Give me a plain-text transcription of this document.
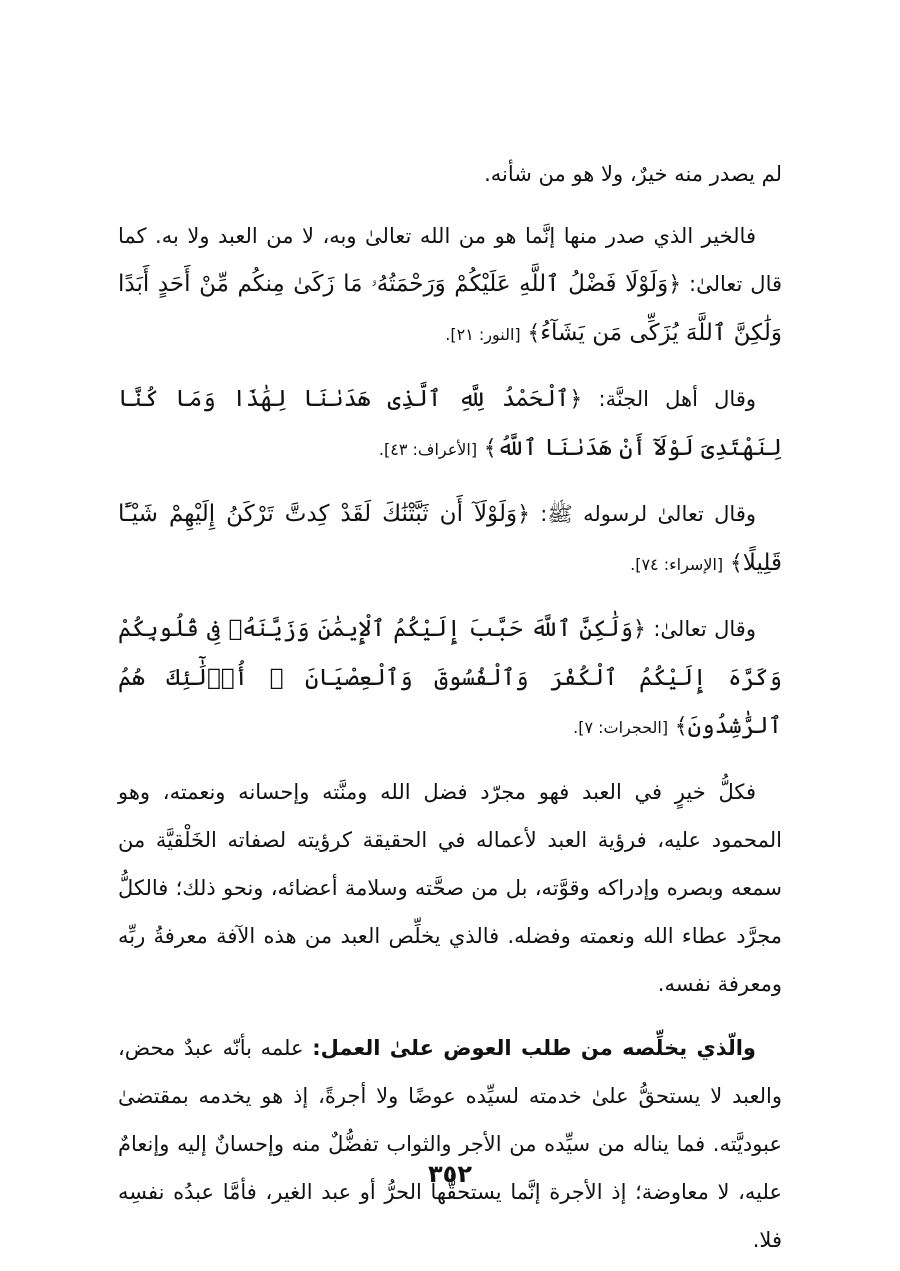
لم يصدر منه خيرٌ، ولا هو من شأنه.

فالخير الذي صدر منها إنَّما هو من الله تعالىٰ وبه، لا من العبد ولا به. كما قال تعالىٰ: ﴿وَلَوْلَا فَضْلُ ٱللَّهِ عَلَيْكُمْ وَرَحْمَتُهُۥ مَا زَكَىٰ مِنكُم مِّنْ أَحَدٍ أَبَدًا وَلَٰكِنَّ ٱللَّهَ يُزَكِّى مَن يَشَآءُ﴾ [النور: ٢١].

وقال أهل الجنَّة: ﴿ٱلْحَمْدُ لِلَّهِ ٱلَّذِى هَدَىٰنَا لِهَٰذَا وَمَا كُنَّا لِنَهْتَدِىَ لَوْلَآ أَنْ هَدَىٰنَا ٱللَّهُ﴾ [الأعراف: ٤٣].

وقال تعالىٰ لرسوله ﷺ: ﴿وَلَوْلَآ أَن ثَبَّتْنَٰكَ لَقَدْ كِدتَّ تَرْكَنُ إِلَيْهِمْ شَيْـًٔا قَلِيلًا﴾ [الإسراء: ٧٤].

وقال تعالىٰ: ﴿وَلَٰكِنَّ ٱللَّهَ حَبَّبَ إِلَيْكُمُ ٱلْإِيمَٰنَ وَزَيَّنَهُۥ فِى قُلُوبِكُمْ وَكَرَّهَ إِلَيْكُمُ ٱلْكُفْرَ وَٱلْفُسُوقَ وَٱلْعِصْيَانَ ۚ أُو۟لَٰٓئِكَ هُمُ ٱلرَّٰشِدُونَ﴾ [الحجرات: ٧].

فكلُّ خيرٍ في العبد فهو مجرّد فضل الله ومنَّته وإحسانه ونعمته، وهو المحمود عليه، فرؤية العبد لأعماله في الحقيقة كرؤيته لصفاته الخَلْقيَّة من سمعه وبصره وإدراكه وقوَّته، بل من صحَّته وسلامة أعضائه، ونحو ذلك؛ فالكلُّ مجرَّد عطاء الله ونعمته وفضله. فالذي يخلِّص العبد من هذه الآفة معرفةُ ربِّه ومعرفة نفسه.

والّذي يخلِّصه من طلب العوض علىٰ العمل: علمه بأنّه عبدٌ محض، والعبد لا يستحقُّ علىٰ خدمته لسيِّده عوضًا ولا أجرةً، إذ هو يخدمه بمقتضىٰ عبوديَّته. فما يناله من سيِّده من الأجر والثواب تفضُّلٌ منه وإحسانٌ إليه وإنعامٌ عليه، لا معاوضة؛ إذ الأجرة إنَّما يستحقُّها الحرُّ أو عبد الغير، فأمَّا عبدُه نفسِه فلا.

٣٥٢
